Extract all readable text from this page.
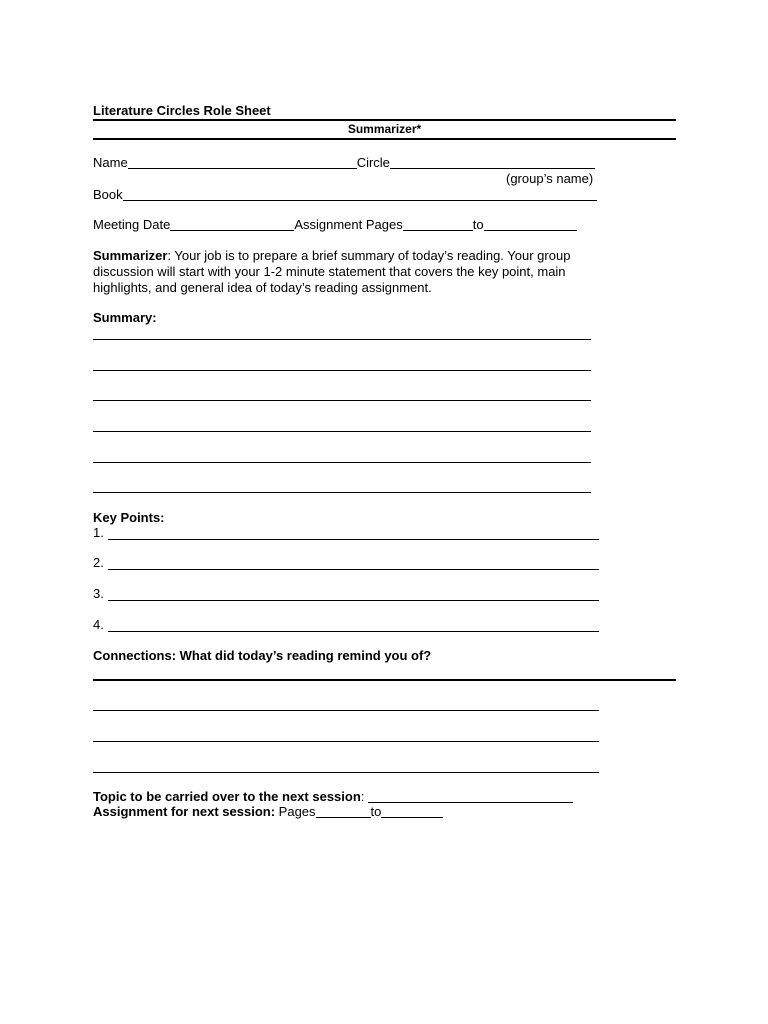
Literature Circles Role Sheet
Summarizer*
Name	Circle
(group’s name)
Book
Meeting Date	Assignment Pages	to
Summarizer: Your job is to prepare a brief summary of today’s reading. Your group discussion will start with your 1-2 minute statement that covers the key point, main highlights, and general idea of today’s reading assignment.
Summary:
Key Points:
1.
2.
3.
4.
Connections: What did today’s reading remind you of?
Topic to be carried over to the next session:
Assignment for next session: Pages	to
